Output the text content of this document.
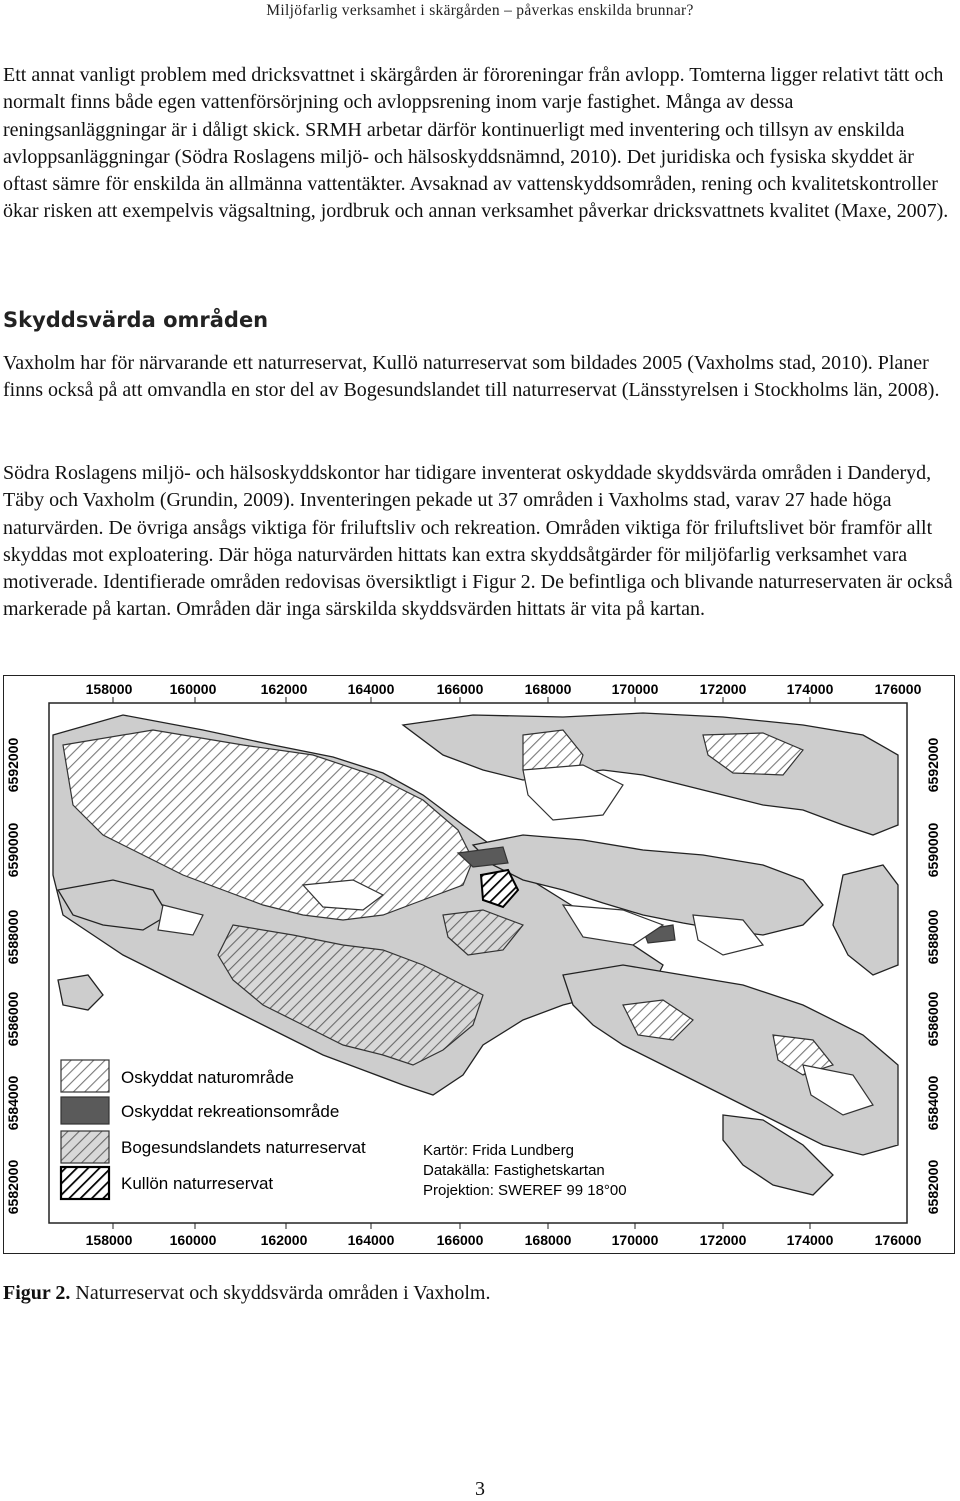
Miljöfarlig verksamhet i skärgården – påverkas enskilda brunnar?

Ett annat vanligt problem med dricksvattnet i skärgården är föroreningar från avlopp. Tomterna ligger relativt tätt och normalt finns både egen vattenförsörjning och avloppsrening inom varje fastighet. Många av dessa reningsanläggningar är i dåligt skick. SRMH arbetar därför kontinuerligt med inventering och tillsyn av enskilda avloppsanläggningar (Södra Roslagens miljö- och hälsoskyddsnämnd, 2010). Det juridiska och fysiska skyddet är oftast sämre för enskilda än allmänna vattentäkter. Avsaknad av vattenskyddsområden, rening och kvalitetskontroller ökar risken att exempelvis vägsaltning, jordbruk och annan verksamhet påverkar dricksvattnets kvalitet (Maxe, 2007).

Skyddsvärda områden

Vaxholm har för närvarande ett naturreservat, Kullö naturreservat som bildades 2005 (Vaxholms stad, 2010). Planer finns också på att omvandla en stor del av Bogesundslandet till naturreservat (Länsstyrelsen i Stockholms län, 2008).

Södra Roslagens miljö- och hälsoskyddskontor har tidigare inventerat oskyddade skyddsvärda områden i Danderyd, Täby och Vaxholm (Grundin, 2009). Inventeringen pekade ut 37 områden i Vaxholms stad, varav 27 hade höga naturvärden. De övriga ansågs viktiga för friluftsliv och rekreation. Områden viktiga för friluftslivet bör framför allt skyddas mot exploatering. Där höga naturvärden hittats kan extra skyddsåtgärder för miljöfarlig verksamhet vara motiverade. Identifierade områden redovisas översiktligt i Figur 2. De befintliga och blivande naturreservaten är också markerade på kartan. Områden där inga särskilda skyddsvärden hittats är vita på kartan.

158000	160000	162000	164000	166000	168000	170000	172000	174000	176000
158000	160000	162000	164000	166000	168000	170000	172000	174000	176000
6592000
6590000
6588000
6586000
6584000
6582000
6592000
6590000
6588000
6586000
6584000
6582000
Oskyddat naturområde
Oskyddat rekreationsområde
Bogesundslandets naturreservat
Kullön naturreservat
Kartör: Frida Lundberg
Datakälla: Fastighetskartan
Projektion: SWEREF 99 18°00

Figur 2. Naturreservat och skyddsvärda områden i Vaxholm.

3
